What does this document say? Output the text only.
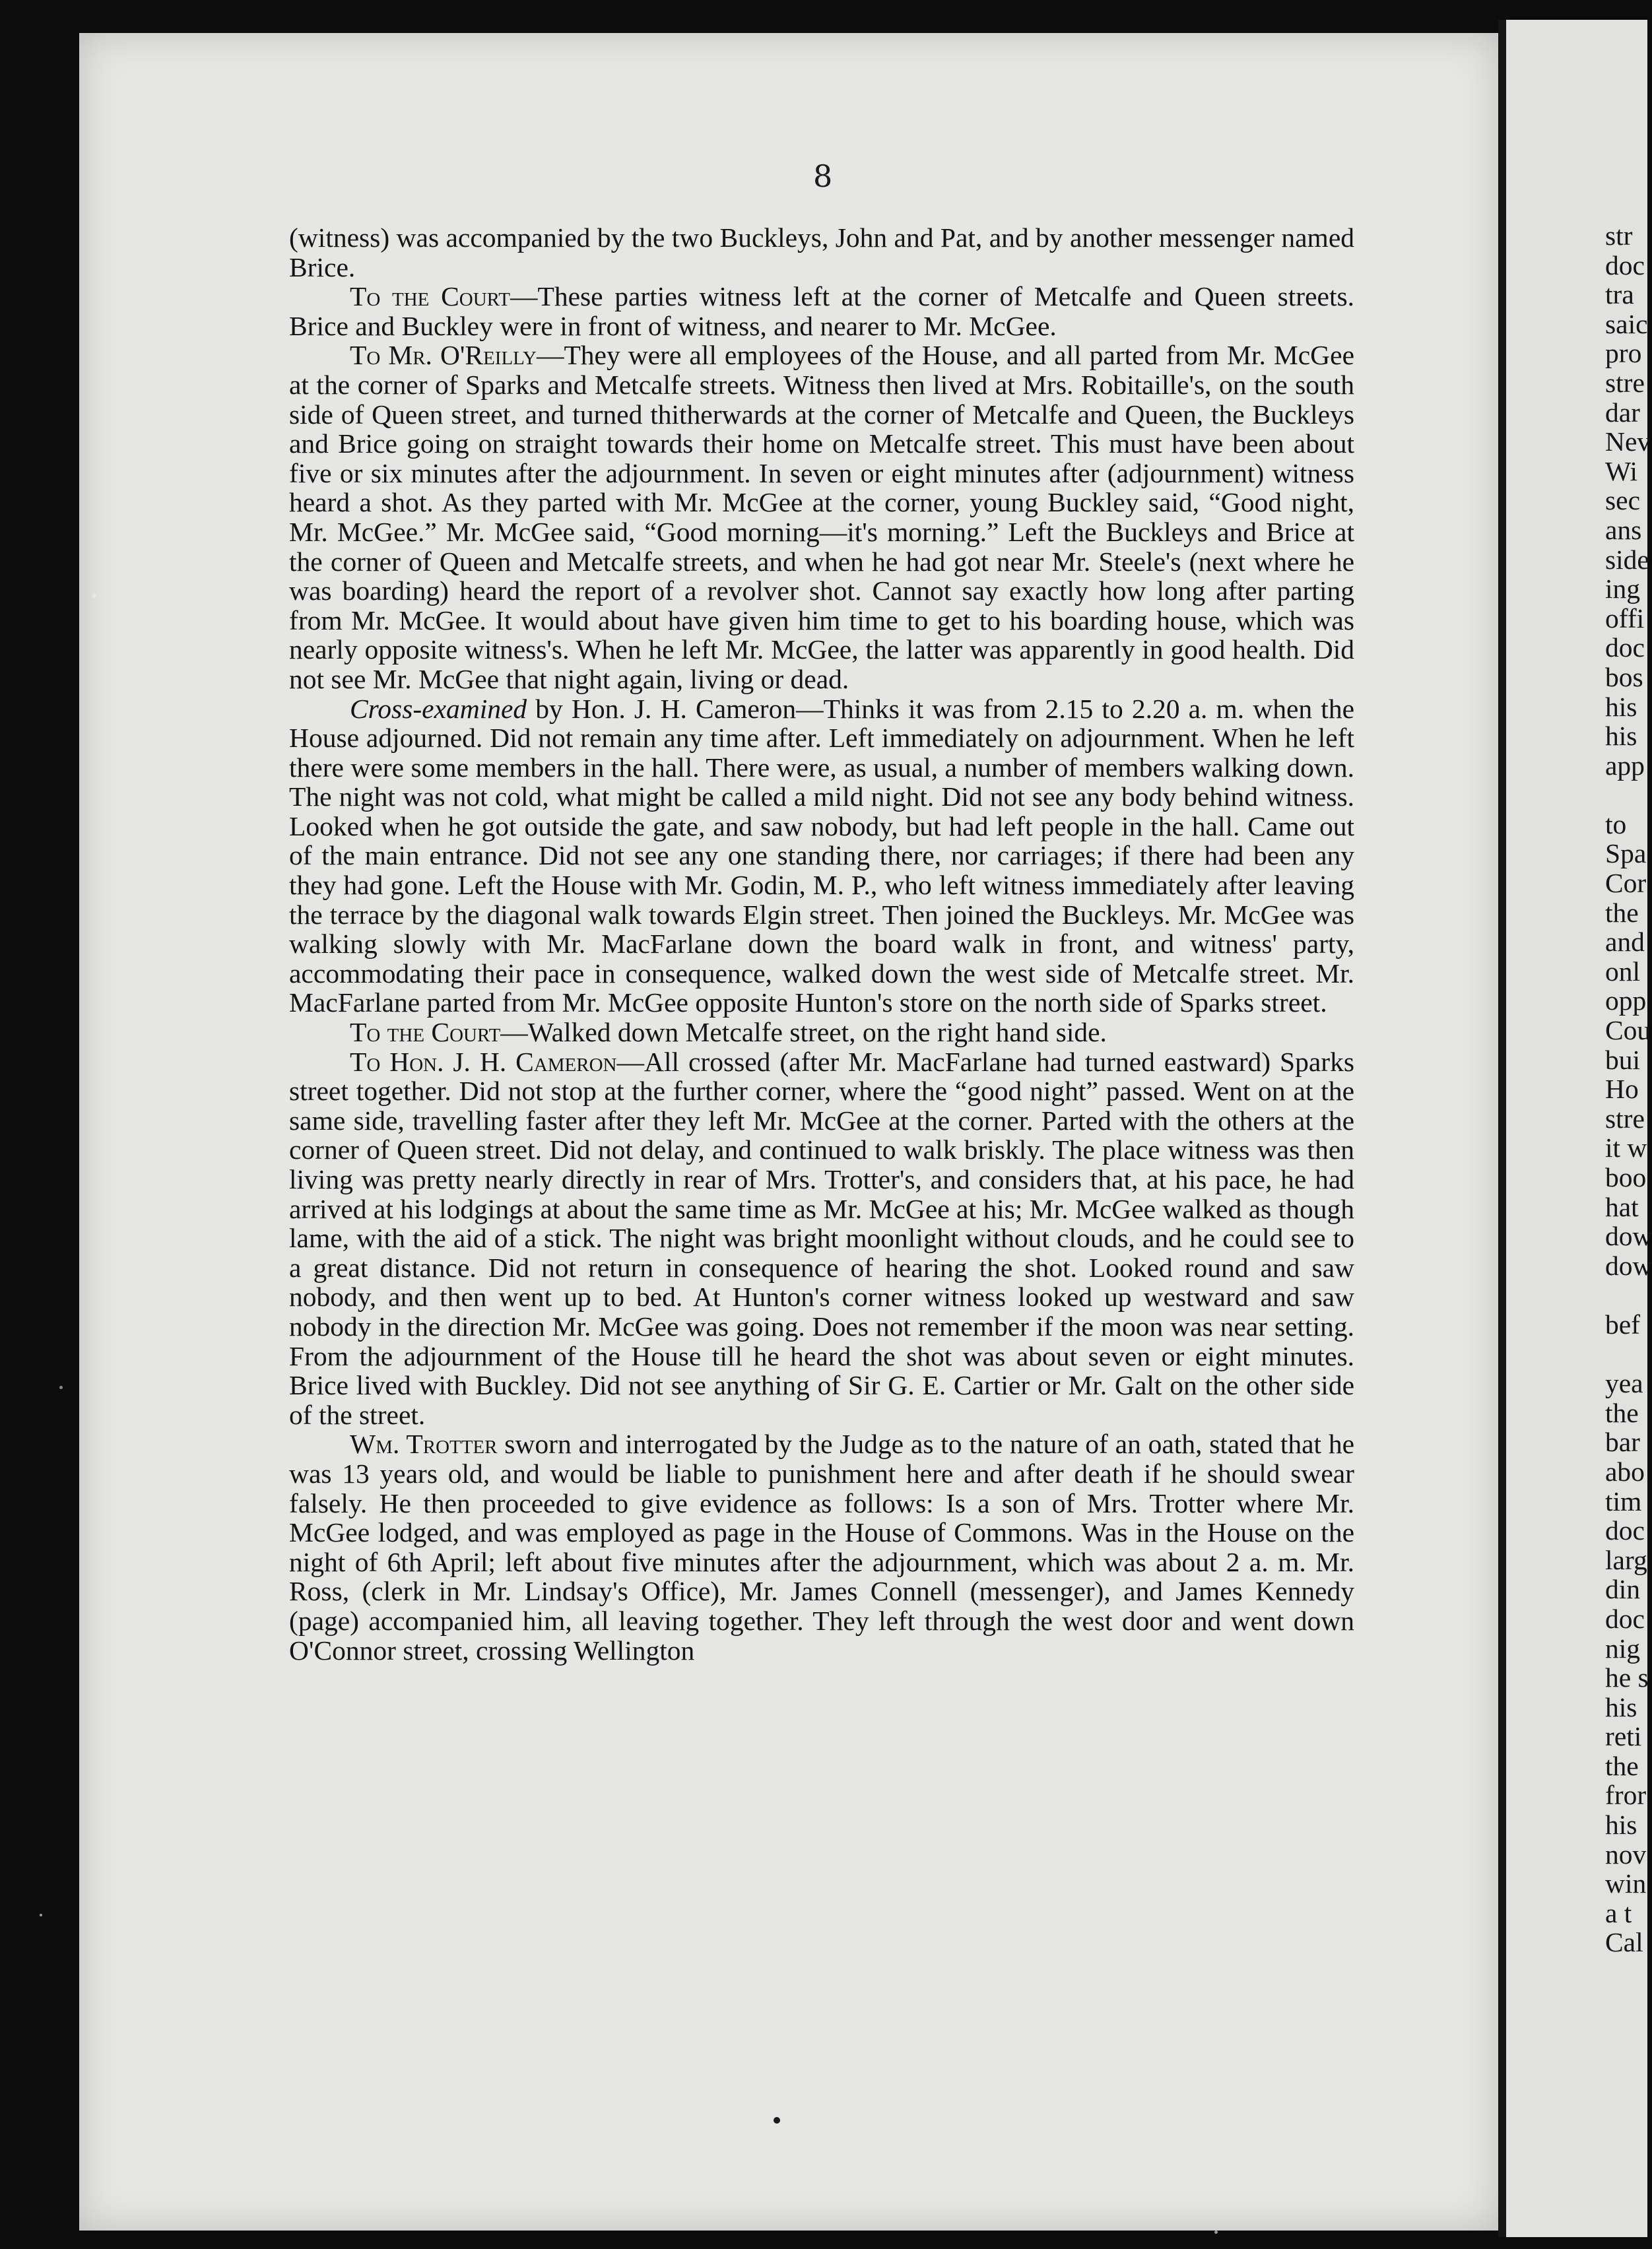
8

(witness) was accompanied by the two Buckleys, John and Pat, and by another messenger named Brice.

To the Court—These parties witness left at the corner of Metcalfe and Queen streets. Brice and Buckley were in front of witness, and nearer to Mr. McGee.

To Mr. O'Reilly—They were all employees of the House, and all parted from Mr. McGee at the corner of Sparks and Metcalfe streets. Witness then lived at Mrs. Robitaille's, on the south side of Queen street, and turned thitherwards at the corner of Metcalfe and Queen, the Buckleys and Brice going on straight towards their home on Metcalfe street. This must have been about five or six minutes after the adjournment. In seven or eight minutes after (adjournment) witness heard a shot. As they parted with Mr. McGee at the corner, young Buckley said, “Good night, Mr. McGee.” Mr. McGee said, “Good morning—it's morning.” Left the Buckleys and Brice at the corner of Queen and Metcalfe streets, and when he had got near Mr. Steele's (next where he was boarding) heard the report of a revolver shot. Cannot say exactly how long after parting from Mr. McGee. It would about have given him time to get to his boarding house, which was nearly opposite witness's. When he left Mr. McGee, the latter was apparently in good health. Did not see Mr. McGee that night again, living or dead.

Cross-examined by Hon. J. H. Cameron—Thinks it was from 2.15 to 2.20 a. m. when the House adjourned. Did not remain any time after. Left immediately on adjournment. When he left there were some members in the hall. There were, as usual, a number of members walking down. The night was not cold, what might be called a mild night. Did not see any body behind witness. Looked when he got outside the gate, and saw nobody, but had left people in the hall. Came out of the main entrance. Did not see any one standing there, nor carriages; if there had been any they had gone. Left the House with Mr. Godin, M. P., who left witness immediately after leaving the terrace by the diagonal walk towards Elgin street. Then joined the Buckleys. Mr. McGee was walking slowly with Mr. MacFarlane down the board walk in front, and witness' party, accommodating their pace in consequence, walked down the west side of Metcalfe street. Mr. MacFarlane parted from Mr. McGee opposite Hunton's store on the north side of Sparks street.

To the Court—Walked down Metcalfe street, on the right hand side.

To Hon. J. H. Cameron—All crossed (after Mr. MacFarlane had turned eastward) Sparks street together. Did not stop at the further corner, where the “good night” passed. Went on at the same side, travelling faster after they left Mr. McGee at the corner. Parted with the others at the corner of Queen street. Did not delay, and continued to walk briskly. The place witness was then living was pretty nearly directly in rear of Mrs. Trotter's, and considers that, at his pace, he had arrived at his lodgings at about the same time as Mr. McGee at his; Mr. McGee walked as though lame, with the aid of a stick. The night was bright moonlight without clouds, and he could see to a great distance. Did not return in consequence of hearing the shot. Looked round and saw nobody, and then went up to bed. At Hunton's corner witness looked up westward and saw nobody in the direction Mr. McGee was going. Does not remember if the moon was near setting. From the adjournment of the House till he heard the shot was about seven or eight minutes. Brice lived with Buckley. Did not see anything of Sir G. E. Cartier or Mr. Galt on the other side of the street.

Wm. Trotter sworn and interrogated by the Judge as to the nature of an oath, stated that he was 13 years old, and would be liable to punishment here and after death if he should swear falsely. He then proceeded to give evidence as follows: Is a son of Mrs. Trotter where Mr. McGee lodged, and was employed as page in the House of Commons. Was in the House on the night of 6th April; left about five minutes after the adjournment, which was about 2 a. m. Mr. Ross, (clerk in Mr. Lindsay's Office), Mr. James Connell (messenger), and James Kennedy (page) accompanied him, all leaving together. They left through the west door and went down O'Connor street, crossing Wellington

str
doc
tra
saic
pro
stre
dar
Nev
Wi
sec
ans
side
ing
offi
doc
bos
his
his
app
to
Spa
Cor
the
and
onl
opp
Cou
bui
Ho
stre
it w
boo
hat
dow
dow
bef
yea
the
bar
abo
tim
doc
larg
din
doc
nig
he s
his
reti
the
fror
his
nov
win
a t
Cal
